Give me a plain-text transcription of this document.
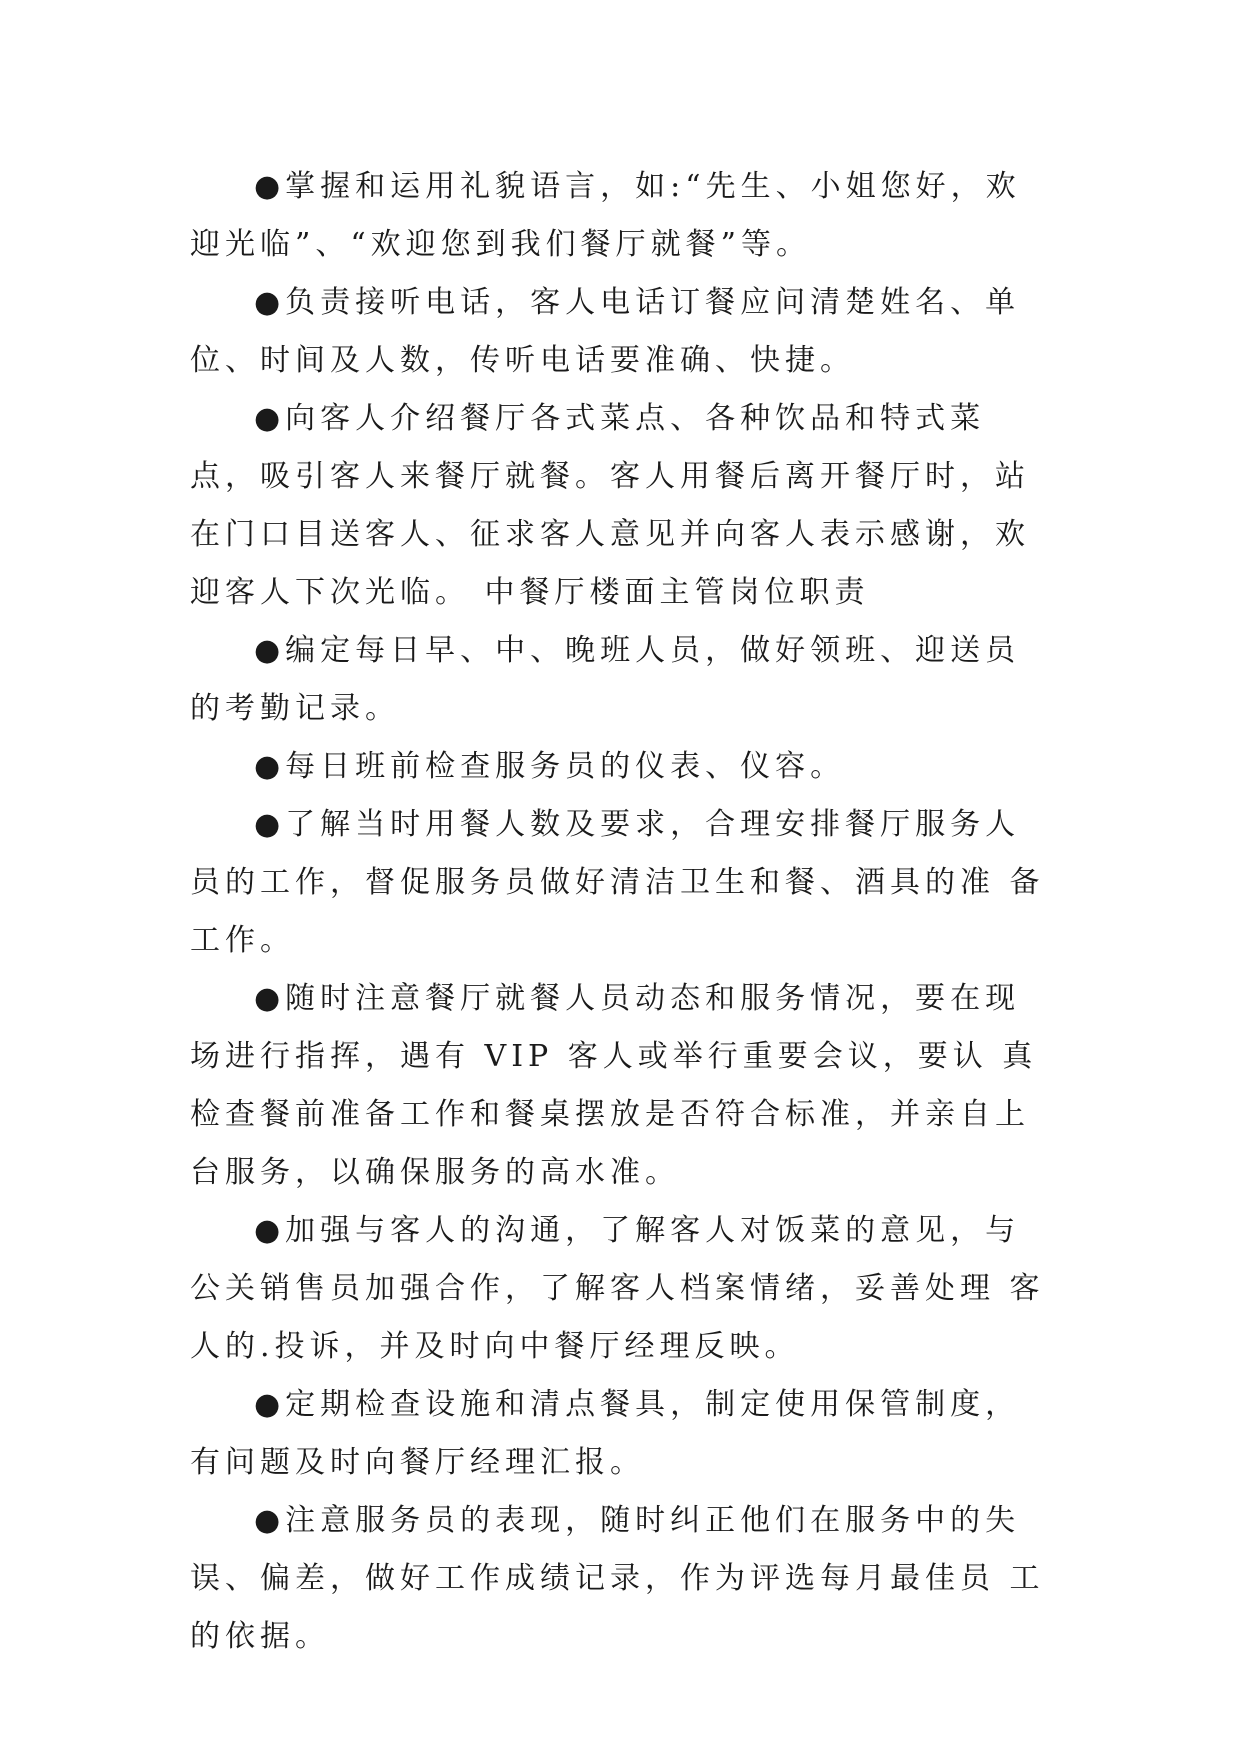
●掌握和运用礼貌语言，如:“先生、小姐您好，欢迎光临”、“欢迎您到我们餐厅就餐”等。

●负责接听电话，客人电话订餐应问清楚姓名、单位、时间及人数，传听电话要准确、快捷。

●向客人介绍餐厅各式菜点、各种饮品和特式菜点，吸引客人来餐厅就餐。客人用餐后离开餐厅时，站 在门口目送客人、征求客人意见并向客人表示感谢，欢迎客人下次光临。 中餐厅楼面主管岗位职责

●编定每日早、中、晚班人员，做好领班、迎送员的考勤记录。

●每日班前检查服务员的仪表、仪容。

●了解当时用餐人数及要求，合理安排餐厅服务人员的工作，督促服务员做好清洁卫生和餐、酒具的准 备工作。

●随时注意餐厅就餐人员动态和服务情况，要在现场进行指挥，遇有 VIP 客人或举行重要会议，要认 真检查餐前准备工作和餐桌摆放是否符合标准，并亲自上台服务，以确保服务的高水准。

●加强与客人的沟通，了解客人对饭菜的意见，与公关销售员加强合作，了解客人档案情绪，妥善处理 客人的.投诉，并及时向中餐厅经理反映。

●定期检查设施和清点餐具，制定使用保管制度，有问题及时向餐厅经理汇报。

●注意服务员的表现，随时纠正他们在服务中的失误、偏差，做好工作成绩记录，作为评选每月最佳员 工的依据。
